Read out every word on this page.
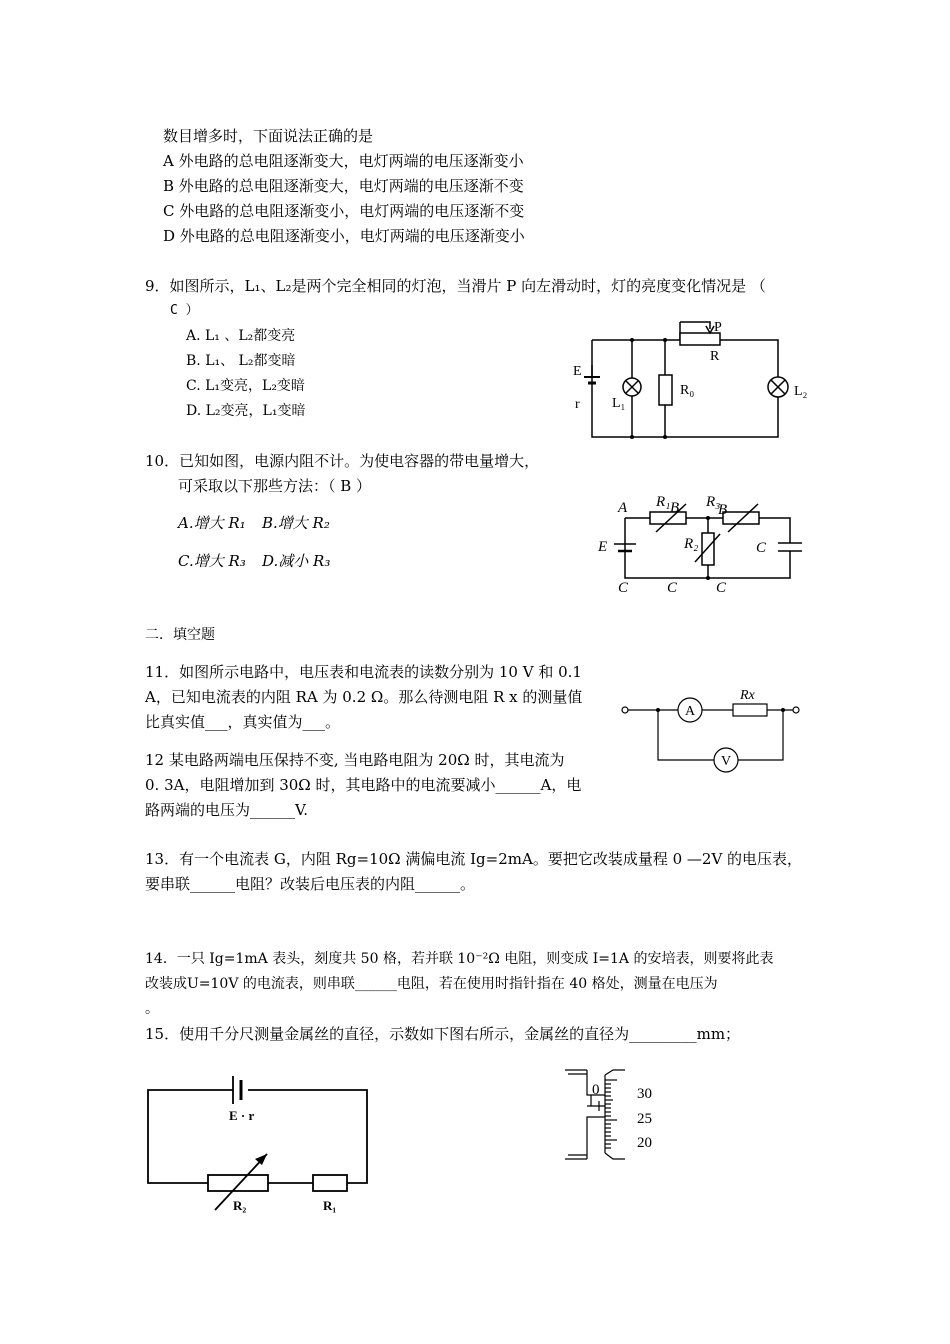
数目增多时，下面说法正确的是
A 外电路的总电阻逐渐变大，电灯两端的电压逐渐变小
B 外电路的总电阻逐渐变大，电灯两端的电压逐渐不变
C 外电路的总电阻逐渐变小，电灯两端的电压逐渐不变
D 外电路的总电阻逐渐变小，电灯两端的电压逐渐变小
9．如图所示，L₁、L₂是两个完全相同的灯泡，当滑片 P 向左滑动时，灯的亮度变化情况是 （
C ）
A. L₁ 、L₂都变亮
B. L₁、 L₂都变暗
C. L₁变亮，L₂变暗
D. L₂变亮，L₁变暗
E
r L₁
R₀	L₂
P
R
10．已知如图，电源内阻不计。为使电容器的带电量增大，
可采取以下那些方法：（ B ）
A.增大 R₁ B.增大 R₂
C.增大 R₃ D.减小 R₃
A R₁ B R₃
B
E	R₂	C
C	C	C
二．填空题
11．如图所示电路中，电压表和电流表的读数分别为 10 V 和 0.1
A，已知电流表的内阻 RA 为 0.2 Ω。那么待测电阻 R x 的测量值
比真实值___，真实值为___。
A
Rx
V
12 某电路两端电压保持不变, 当电路电阻为 20Ω 时，其电流为
0. 3A，电阻增加到 30Ω 时，其电路中的电流要减小______A，电
路两端的电压为______V.
13．有一个电流表 G，内阻 Rg=10Ω 满偏电流 Ig=2mA。要把它改装成量程 0 —2V 的电压表，
要串联______电阻？改装后电压表的内阻______。
14．一只 Ig=1mA 表头，刻度共 50 格，若并联 10⁻²Ω 电阻，则变成 I=1A 的安培表，则要将此表
改装成U=10V 的电流表，则串联______电阻，若在使用时指针指在 40 格处，测量在电压为
。
15．使用千分尺测量金属丝的直径，示数如下图右所示，金属丝的直径为_________mm；
E · r
R₂	R₁
0	30
25
20
